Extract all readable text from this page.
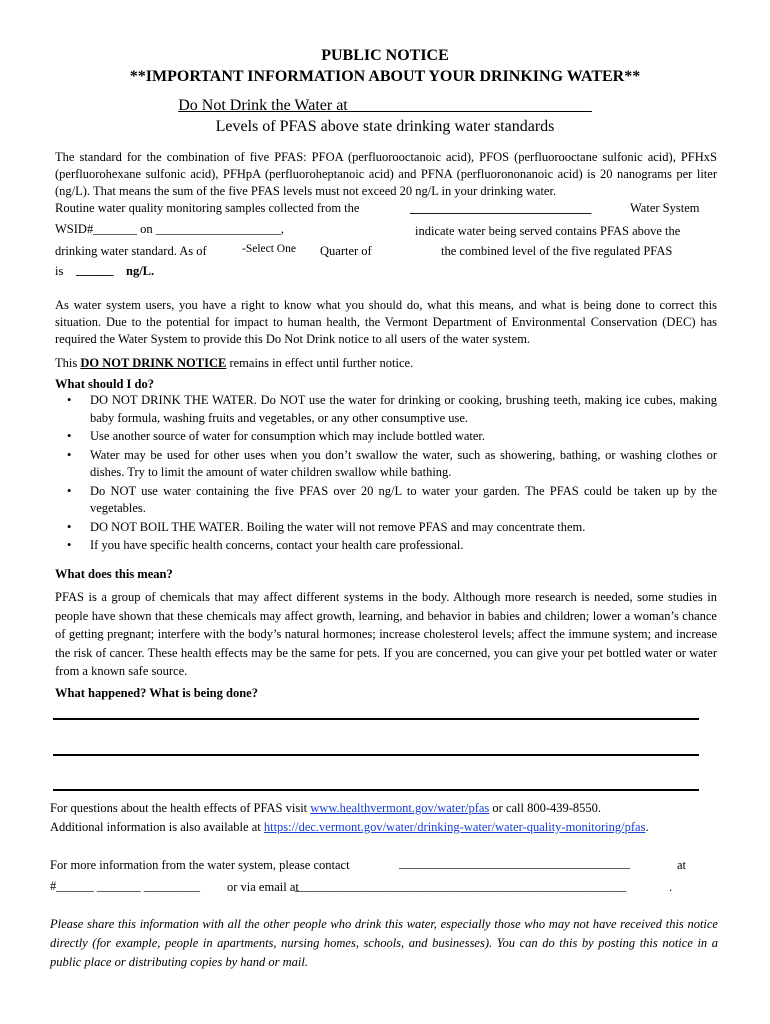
PUBLIC NOTICE
**IMPORTANT INFORMATION ABOUT YOUR DRINKING WATER**
Do Not Drink the Water at ______________________________
Levels of PFAS above state drinking water standards
The standard for the combination of five PFAS: PFOA (perfluorooctanoic acid), PFOS (perfluorooctane sulfonic acid), PFHxS (perfluorohexane sulfonic acid), PFHpA (perfluoroheptanoic acid) and PFNA (perfluorononanoic acid) is 20 nanograms per liter (ng/L). That means the sum of the five PFAS levels must not exceed 20 ng/L in your drinking water.
Routine water quality monitoring samples collected from the	_____________________________	Water System
WSID#_______ on ____________________,	indicate water being served contains PFAS above the
drinking water standard. As of	-Select One	Quarter of	the combined level of the five regulated PFAS
is ______ ng/L.
As water system users, you have a right to know what you should do, what this means, and what is being done to correct this situation. Due to the potential for impact to human health, the Vermont Department of Environmental Conservation (DEC) has required the Water System to provide this Do Not Drink notice to all users of the water system.
This DO NOT DRINK NOTICE remains in effect until further notice.
What should I do?
• DO NOT DRINK THE WATER. Do NOT use the water for drinking or cooking, brushing teeth, making ice cubes, making baby formula, washing fruits and vegetables, or any other consumptive use.
• Use another source of water for consumption which may include bottled water.
• Water may be used for other uses when you don’t swallow the water, such as showering, bathing, or washing clothes or dishes. Try to limit the amount of water children swallow while bathing.
• Do NOT use water containing the five PFAS over 20 ng/L to water your garden. The PFAS could be taken up by the vegetables.
• DO NOT BOIL THE WATER. Boiling the water will not remove PFAS and may concentrate them.
• If you have specific health concerns, contact your health care professional.
What does this mean?
PFAS is a group of chemicals that may affect different systems in the body. Although more research is needed, some studies in people have shown that these chemicals may affect growth, learning, and behavior in babies and children; lower a woman’s chance of getting pregnant; interfere with the body’s natural hormones; increase cholesterol levels; affect the immune system; and increase the risk of cancer. These health effects may be the same for pets. If you are concerned, you can give your pet bottled water or water from a known safe source.
What happened? What is being done?
For questions about the health effects of PFAS visit www.healthvermont.gov/water/pfas or call 800-439-8550.
Additional information is also available at https://dec.vermont.gov/water/drinking-water/water-quality-monitoring/pfas.
For more information from the water system, please contact	_____________________________________	at
#______ _______ _________ or via email at
_____________________________________________________	.
Please share this information with all the other people who drink this water, especially those who may not have received this notice directly (for example, people in apartments, nursing homes, schools, and businesses). You can do this by posting this notice in a public place or distributing copies by hand or mail.
